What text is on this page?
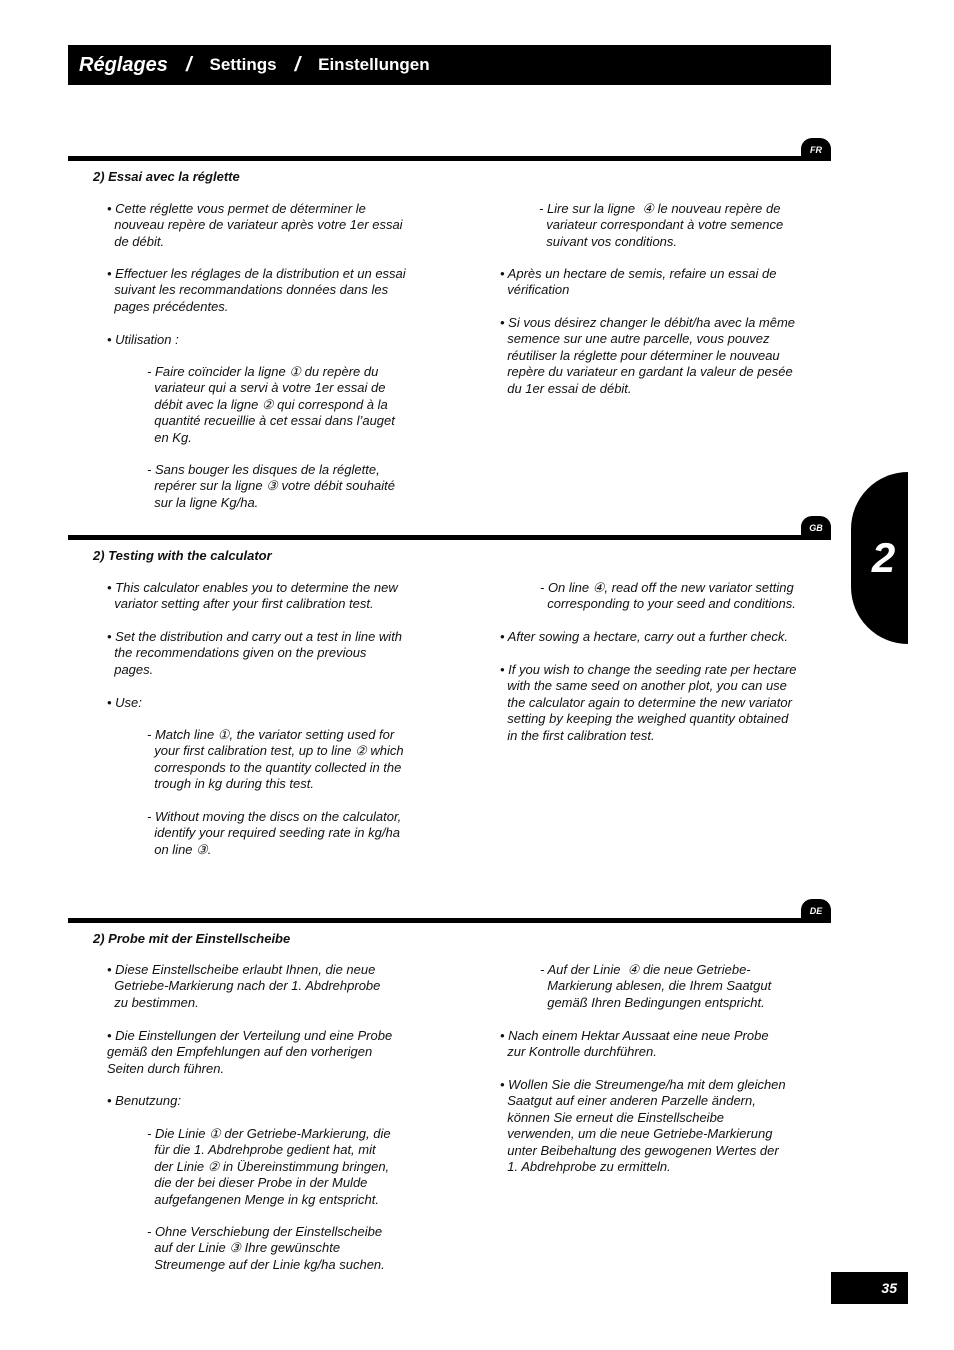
Réglages / Settings / Einstellungen
2
FR
2) Essai avec la réglette
• Cette réglette vous permet de déterminer le
nouveau repère de variateur après votre 1er essai
de débit.
• Effectuer les réglages de la distribution et un essai
suivant les recommandations données dans les
pages précédentes.
• Utilisation :
- Faire coïncider la ligne ① du repère du
variateur qui a servi à votre 1er essai de
débit avec la ligne ② qui correspond à la
quantité recueillie à cet essai dans l’auget
en Kg.
- Sans bouger les disques de la réglette,
repérer sur la ligne ③ votre débit souhaité
sur la ligne Kg/ha.
- Lire sur la ligne  ④ le nouveau repère de
variateur correspondant à votre semence
suivant vos conditions.
• Après un hectare de semis, refaire un essai de
vérification
• Si vous désirez changer le débit/ha avec la même
semence sur une autre parcelle, vous pouvez
réutiliser la réglette pour déterminer le nouveau
repère du variateur en gardant la valeur de pesée
du 1er essai de débit.
GB
2) Testing with the calculator
• This calculator enables you to determine the new
variator setting after your first calibration test.
• Set the distribution and carry out a test in line with
the recommendations given on the previous
pages.
• Use:
- Match line ①, the variator setting used for
your first calibration test, up to line ② which
corresponds to the quantity collected in the
trough in kg during this test.
- Without moving the discs on the calculator,
identify your required seeding rate in kg/ha
on line ③.
- On line ④, read off the new variator setting
corresponding to your seed and conditions.
• After sowing a hectare, carry out a further check.
• If you wish to change the seeding rate per hectare
with the same seed on another plot, you can use
the calculator again to determine the new variator
setting by keeping the weighed quantity obtained
in the first calibration test.
DE
2) Probe mit der Einstellscheibe
• Diese Einstellscheibe erlaubt Ihnen, die neue
Getriebe-Markierung nach der 1. Abdrehprobe
zu bestimmen.
• Die Einstellungen der Verteilung und eine Probe
gemäß den Empfehlungen auf den vorherigen
Seiten durch führen.
• Benutzung:
- Die Linie ① der Getriebe-Markierung, die
für die 1. Abdrehprobe gedient hat, mit
der Linie ② in Übereinstimmung bringen,
die der bei dieser Probe in der Mulde
aufgefangenen Menge in kg entspricht.
- Ohne Verschiebung der Einstellscheibe
auf der Linie ③ Ihre gewünschte
Streumenge auf der Linie kg/ha suchen.
- Auf der Linie  ④ die neue Getriebe-
Markierung ablesen, die Ihrem Saatgut
gemäß Ihren Bedingungen entspricht.
• Nach einem Hektar Aussaat eine neue Probe
zur Kontrolle durchführen.
• Wollen Sie die Streumenge/ha mit dem gleichen
Saatgut auf einer anderen Parzelle ändern,
können Sie erneut die Einstellscheibe
verwenden, um die neue Getriebe-Markierung
unter Beibehaltung des gewogenen Wertes der
1. Abdrehprobe zu ermitteln.
35
